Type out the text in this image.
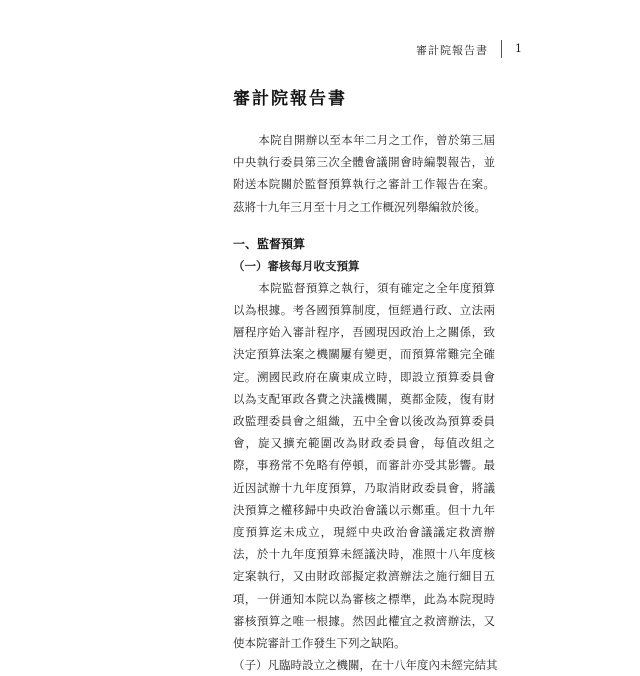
審計院報告書 1
審計院報告書

本院自開辦以至本年二月之工作，曾於第三屆中央執行委員第三次全體會議開會時編製報告，並附送本院關於監督預算執行之審計工作報告在案。茲將十九年三月至十月之工作概況列舉編敘於後。

一、監督預算
（一）審核每月收支預算

本院監督預算之執行，須有確定之全年度預算以為根據。考各國預算制度，恒經過行政、立法兩層程序始入審計程序，吾國現因政治上之關係，致決定預算法案之機關屢有變更，而預算常難完全確定。溯國民政府在廣東成立時，即設立預算委員會以為支配軍政各費之決議機關，奠都金陵，復有財政監理委員會之組織，五中全會以後改為預算委員會，旋又擴充範圍改為財政委員會，每值改組之際，事務常不免略有停頓，而審計亦受其影響。最近因試辦十九年度預算，乃取消財政委員會，將議決預算之權移歸中央政治會議以示鄭重。但十九年度預算迄未成立，現經中央政治會議議定救濟辦法，於十九年度預算未經議決時，准照十八年度核定案執行，又由財政部擬定救濟辦法之施行細目五項，一併通知本院以為審核之標準，此為本院現時審核預算之唯一根據。然因此權宜之救濟辦法，又使本院審計工作發生下列之缺陷。

（子）凡臨時設立之機關，在十八年度內未經完結其
